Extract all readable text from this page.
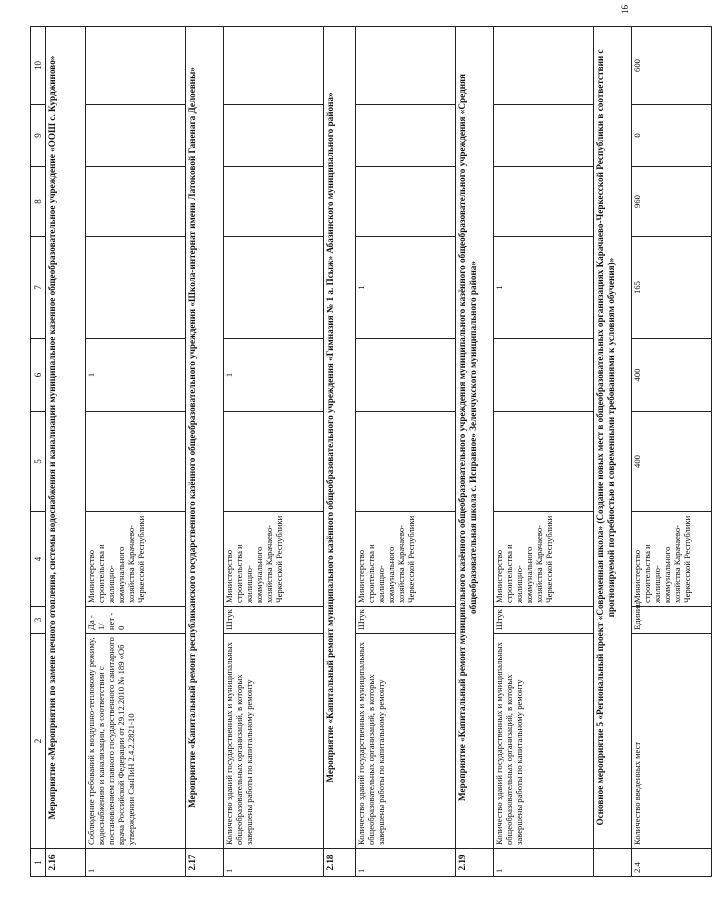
16
1	2	3	4	5	6	7	8	9	10
2.16	Мероприятие «Мероприятия по замене печного отопления, системы водоснабжения и канализации муниципальное казенное общеобразовательное учреждение «ООШ с. Курджиново»								
1	Соблюдение требований к воздушно-тепловому режиму, водоснабжению и канализации, в соответствии с постановлением главного государственного санитарного врача Российской Федерации от 29.12.2010 № 189 «Об утверждении СанПиН 2.4.2.2821-10	Да - 1/ нет - 0	Министерство строительства и жилищно-коммунального хозяйства Карачаево-Черкесской Республики		1				
2.17	Мероприятие «Капитальный ремонт республиканского государственного казённого общеобразовательного учреждения «Школа-интернат имени Латоковой Ганенага Делоевны»								
1	Количество зданий государственных и муниципальных общеобразовательных организаций, в которых завершены работы по капитальному ремонту	Штук	Министерство строительства и жилищно-коммунального хозяйства Карачаево-Черкесской Республики		1				
2.18	Мероприятие «Капитальный ремонт муниципального казённого общеобразовательного учреждения «Гимназия № 1 а. Псыж» Абазинского муниципального района»								
1	Количество зданий государственных и муниципальных общеобразовательных организаций, в которых завершены работы по капитальному ремонту	Штук	Министерство строительства и жилищно-коммунального хозяйства Карачаево-Черкесской Республики			1			
2.19	Мероприятие «Капитальный ремонт муниципального казённого общеобразовательного учреждения муниципального казённого общеобразовательного учреждения «Средняя общеобразовательная школа с. Исправное» Зеленчукского муниципального района»								
1	Количество зданий государственных и муниципальных общеобразовательных организаций, в которых завершены работы по капитальному ремонту	Штук	Министерство строительства и жилищно-коммунального хозяйства Карачаево-Черкесской Республики			1			
	Основное мероприятие 5 «Региональный проект «Современная школа» (Создание новых мест в общеобразовательных организациях Карачаево-Черкесской Республики в соответствии с прогнозируемой потребностью и современными требованиями к условиям обучения)»								
2.4	Количество введенных мест	Единиц	Министерство строительства и жилищно-коммунального хозяйства Карачаево-Черкесской Республики	400	400	165	960	0	600
